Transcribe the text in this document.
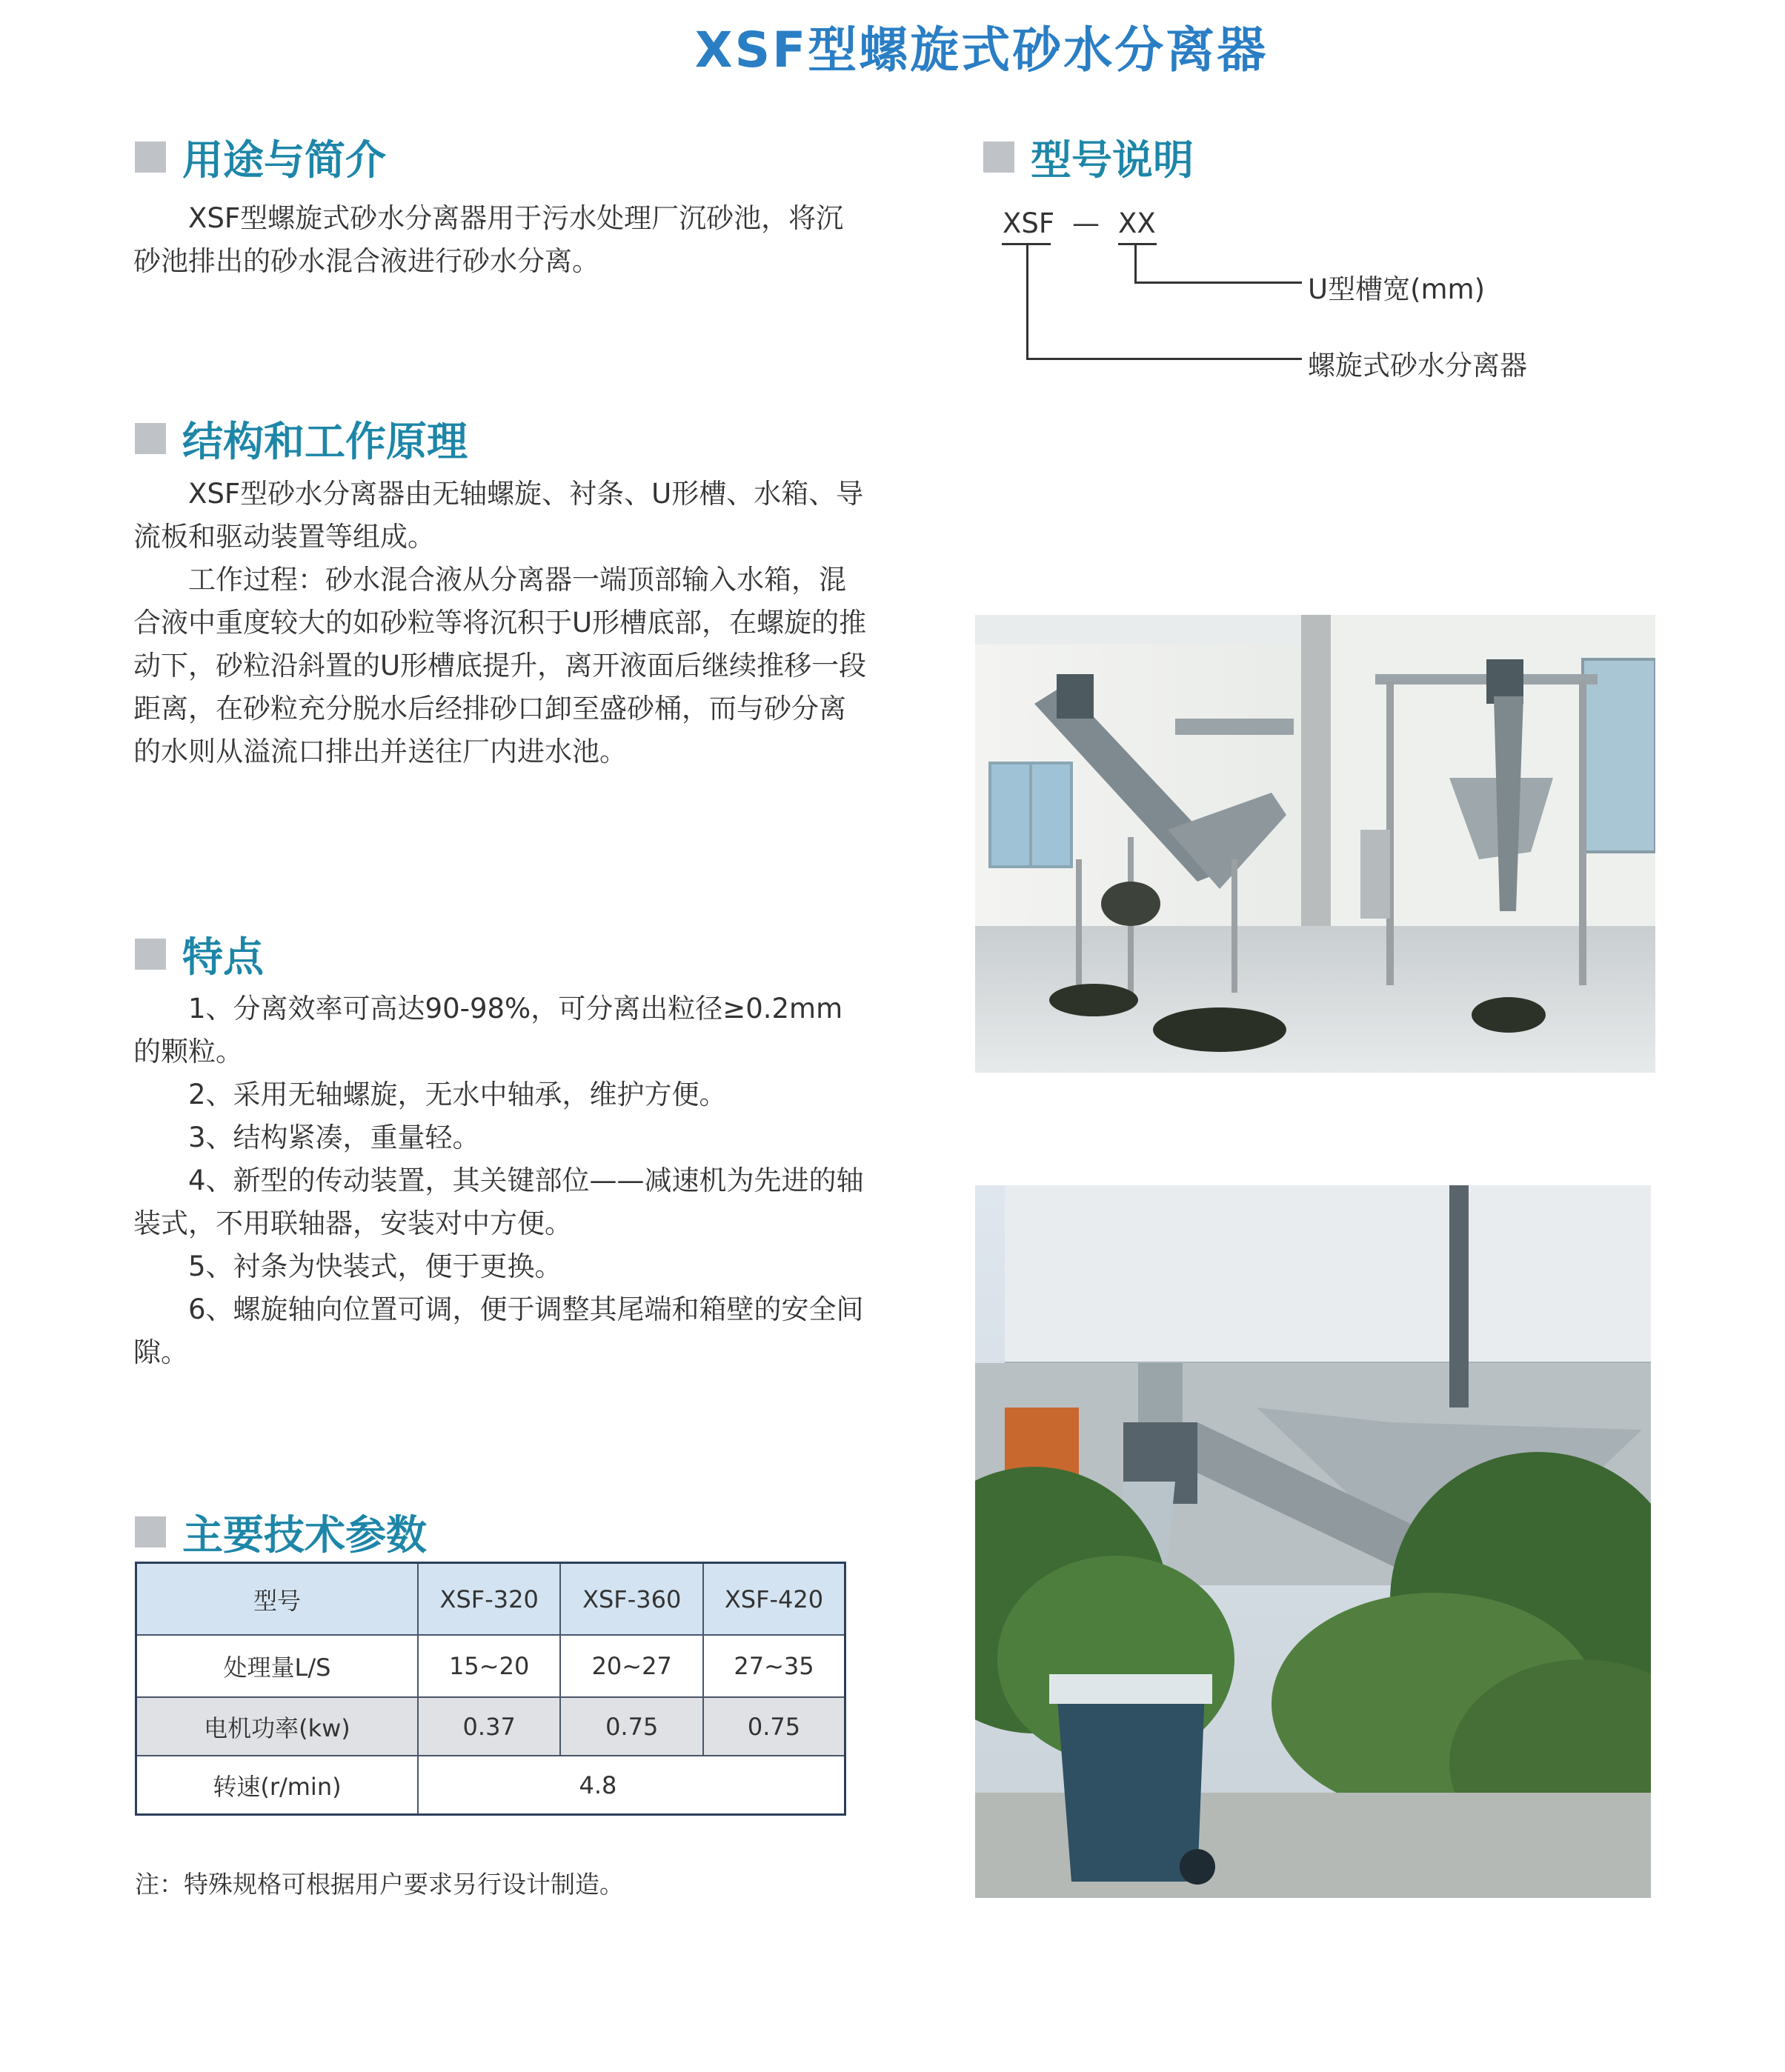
XSF型螺旋式砂水分离器
用途与简介

XSF型螺旋式砂水分离器用于污水处理厂沉砂池，将沉砂池排出的砂水混合液进行砂水分离。

结构和工作原理

XSF型砂水分离器由无轴螺旋、衬条、U形槽、水箱、导流板和驱动装置等组成。

工作过程：砂水混合液从分离器一端顶部输入水箱，混合液中重度较大的如砂粒等将沉积于U形槽底部，在螺旋的推动下，砂粒沿斜置的U形槽底提升，离开液面后继续推移一段距离，在砂粒充分脱水后经排砂口卸至盛砂桶，而与砂分离的水则从溢流口排出并送往厂内进水池。

特点

1、分离效率可高达90-98%，可分离出粒径≥0.2mm的颗粒。

2、采用无轴螺旋，无水中轴承，维护方便。

3、结构紧凑，重量轻。

4、新型的传动装置，其关键部位——减速机为先进的轴装式，不用联轴器，安装对中方便。

5、衬条为快装式，便于更换。

6、螺旋轴向位置可调，便于调整其尾端和箱壁的安全间隙。

主要技术参数
型号	XSF-320	XSF-360	XSF-420
处理量L/S	15~20	20~27	27~35
电机功率(kw)	0.37	0.75	0.75
转速(r/min)	4.8		
注：特殊规格可根据用户要求另行设计制造。
型号说明
XSF — XX
U型槽宽(mm)
螺旋式砂水分离器
